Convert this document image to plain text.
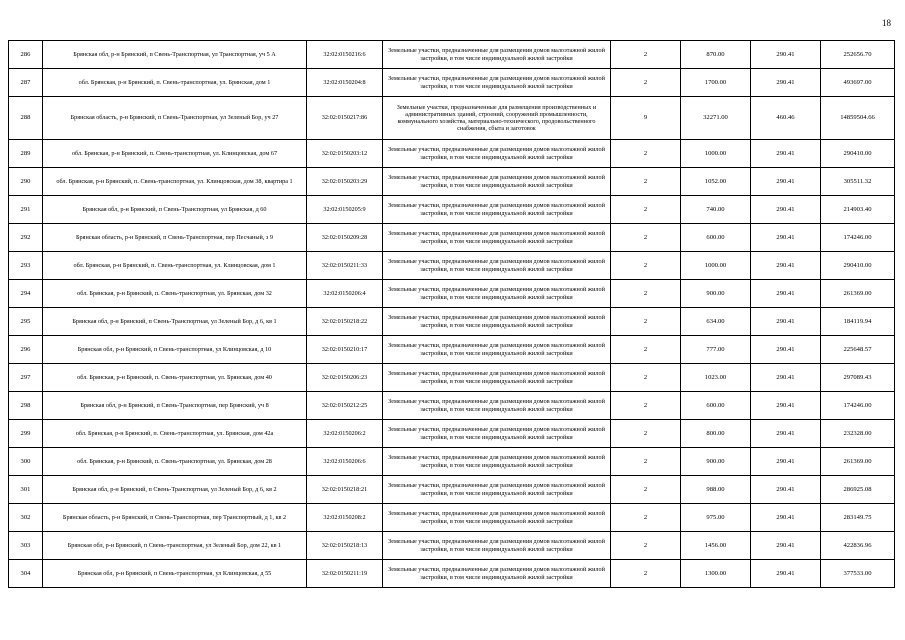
18
286	Брянская обл, р-н Брянский, п Свень-Транспортная, ул Транспортная, уч 5 А	32:02:0150216:6	Земельные участки, предназначенные для размещения домов малоэтажной жилой застройки, в том числе индивидуальной жилой застройки	2	870.00	290.41	252656.70
287	обл. Брянская, р-н Брянский, п. Свень-транспортная, ул. Брянская, дом 1	32:02:0150204:8	Земельные участки, предназначенные для размещения домов малоэтажной жилой застройки, в том числе индивидуальной жилой застройки	2	1700.00	290.41	493697.00
288	Брянская область, р-н Брянский, п Свень-Транспортная, ул Зеленый Бор, уч 27	32:02:0150217:86	Земельные участки, предназначенные для размещения производственных и административных зданий, строений, сооружений промышленности, коммунального хозяйства, материально-технического, продовольственного снабжения, сбыта и заготовок	9	32271.00	460.46	14859504.66
289	обл. Брянская, р-н Брянский, п. Свень-транспортная, ул. Клинцовская, дом 67	32:02:0150203:12	Земельные участки, предназначенные для размещения домов малоэтажной жилой застройки, в том числе индивидуальной жилой застройки	2	1000.00	290.41	290410.00
290	обл. Брянская, р-н Брянский, п. Свень-транспортная, ул. Клинцовская, дом 38, квартира 1	32:02:0150203:29	Земельные участки, предназначенные для размещения домов малоэтажной жилой застройки, в том числе индивидуальной жилой застройки	2	1052.00	290.41	305511.32
291	Брянская обл, р-н Брянский, п Свень-Транспортная, ул Брянская, д 60	32:02:0150205:9	Земельные участки, предназначенные для размещения домов малоэтажной жилой застройки, в том числе индивидуальной жилой застройки	2	740.00	290.41	214903.40
292	Брянская область, р-н Брянский, п Свень-Транспортная, пер Песчаный, з 9	32:02:0150209:28	Земельные участки, предназначенные для размещения домов малоэтажной жилой застройки, в том числе индивидуальной жилой застройки	2	600.00	290.41	174246.00
293	обл. Брянская, р-н Брянский, п. Свень-транспортная, ул. Клинцовская, дом 1	32:02:0150211:33	Земельные участки, предназначенные для размещения домов малоэтажной жилой застройки, в том числе индивидуальной жилой застройки	2	1000.00	290.41	290410.00
294	обл. Брянская, р-н Брянский, п. Свень-транспортная, ул. Брянская, дом 32	32:02:0150206:4	Земельные участки, предназначенные для размещения домов малоэтажной жилой застройки, в том числе индивидуальной жилой застройки	2	900.00	290.41	261369.00
295	Брянская обл, р-н Брянский, п Свень-Транспортная, ул Зеленый Бор, д 6, кв 1	32:02:0150218:22	Земельные участки, предназначенные для размещения домов малоэтажной жилой застройки, в том числе индивидуальной жилой застройки	2	634.00	290.41	184119.94
296	Брянская обл, р-н Брянский, п Свень-транспортная, ул Клинцовская, д 10	32:02:0150210:17	Земельные участки, предназначенные для размещения домов малоэтажной жилой застройки, в том числе индивидуальной жилой застройки	2	777.00	290.41	225648.57
297	обл. Брянская, р-н Брянский, п. Свень-транспортная, ул. Брянская, дом 40	32:02:0150206:23	Земельные участки, предназначенные для размещения домов малоэтажной жилой застройки, в том числе индивидуальной жилой застройки	2	1023.00	290.41	297089.43
298	Брянская обл, р-н Брянский, п Свень-Транспортная, пер Брянский, уч 8	32:02:0150212:25	Земельные участки, предназначенные для размещения домов малоэтажной жилой застройки, в том числе индивидуальной жилой застройки	2	600.00	290.41	174246.00
299	обл. Брянская, р-н Брянский, п. Свень-транспортная, ул. Брянская, дом 42а	32:02:0150206:2	Земельные участки, предназначенные для размещения домов малоэтажной жилой застройки, в том числе индивидуальной жилой застройки	2	800.00	290.41	232328.00
300	обл. Брянская, р-н Брянский, п. Свень-транспортная, ул. Брянская, дом 28	32:02:0150206:6	Земельные участки, предназначенные для размещения домов малоэтажной жилой застройки, в том числе индивидуальной жилой застройки	2	900.00	290.41	261369.00
301	Брянская обл, р-н Брянский, п Свень-Транспортная, ул Зеленый Бор, д 6, кв 2	32:02:0150218:21	Земельные участки, предназначенные для размещения домов малоэтажной жилой застройки, в том числе индивидуальной жилой застройки	2	988.00	290.41	286925.08
302	Брянская область, р-н Брянский, п Свень-Транспортная, пер Транспортный, д 1, кв 2	32:02:0150208:2	Земельные участки, предназначенные для размещения домов малоэтажной жилой застройки, в том числе индивидуальной жилой застройки	2	975.00	290.41	283149.75
303	Брянская обл, р-н Брянский, п Свень-транспортная, ул Зеленый Бор, дом 22, кв 1	32:02:0150218:13	Земельные участки, предназначенные для размещения домов малоэтажной жилой застройки, в том числе индивидуальной жилой застройки	2	1456.00	290.41	422836.96
304	Брянская обл, р-н Брянский, п Свень-транспортная, ул Клинцовская, д 55	32:02:0150211:19	Земельные участки, предназначенные для размещения домов малоэтажной жилой застройки, в том числе индивидуальной жилой застройки	2	1300.00	290.41	377533.00
